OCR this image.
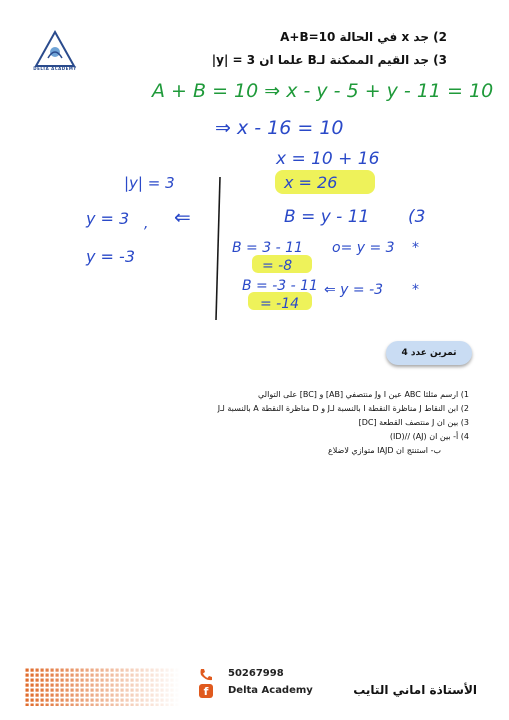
DELTA ACADEMY
2) جد x في الحالة A+B=10
3) جد القيم الممكنة لـB علما ان 3 = |y|
A + B = 10 ⇒ x - y - 5 + y - 11 = 10
⇒ x - 16 = 10
x = 10 + 16
x = 26
|y| = 3
y = 3 ,
y = -3
⇐	B = y - 11 (3
B = 3 - 11 o= y = 3 *
= -8
B = -3 - 11 ⇐ y = -3 *
= -14
تمرين عدد 4
1) ارسم مثلثا ABC عين I وJ منتصفي [AB] و [BC] على التوالي
2) ابن النقاط J مناظرة النقطة I بالنسبة لـJ و D مناظرة النقطة A بالنسبة لـJ
3) بين ان J منتصف القطعة [DC]
4) أ- بين ان (AJ) //(ID)
ب- استنتج ان IAJD متوازي لاضلاع
f
50267998
Delta Academy	الأستاذة اماني التايب
